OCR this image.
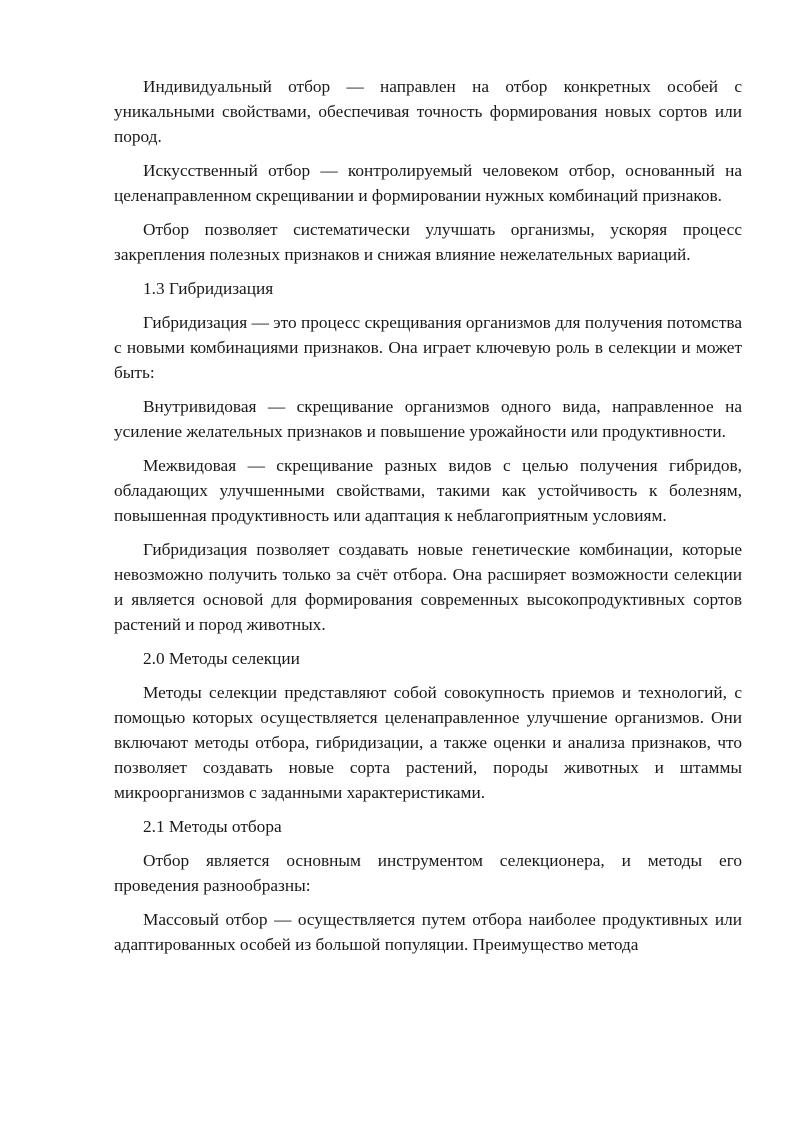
Индивидуальный отбор — направлен на отбор конкретных особей с уникальными свойствами, обеспечивая точность формирования новых сортов или пород.

Искусственный отбор — контролируемый человеком отбор, основанный на целенаправленном скрещивании и формировании нужных комбинаций признаков.

Отбор позволяет систематически улучшать организмы, ускоряя процесс закрепления полезных признаков и снижая влияние нежелательных вариаций.

1.3 Гибридизация

Гибридизация — это процесс скрещивания организмов для получения потомства с новыми комбинациями признаков. Она играет ключевую роль в селекции и может быть:

Внутривидовая — скрещивание организмов одного вида, направленное на усиление желательных признаков и повышение урожайности или продуктивности.

Межвидовая — скрещивание разных видов с целью получения гибридов, обладающих улучшенными свойствами, такими как устойчивость к болезням, повышенная продуктивность или адаптация к неблагоприятным условиям.

Гибридизация позволяет создавать новые генетические комбинации, которые невозможно получить только за счёт отбора. Она расширяет возможности селекции и является основой для формирования современных высокопродуктивных сортов растений и пород животных.

2.0 Методы селекции

Методы селекции представляют собой совокупность приемов и технологий, с помощью которых осуществляется целенаправленное улучшение организмов. Они включают методы отбора, гибридизации, а также оценки и анализа признаков, что позволяет создавать новые сорта растений, породы животных и штаммы микроорганизмов с заданными характеристиками.

2.1 Методы отбора

Отбор является основным инструментом селекционера, и методы его проведения разнообразны:

Массовый отбор — осуществляется путем отбора наиболее продуктивных или адаптированных особей из большой популяции. Преимущество метода
